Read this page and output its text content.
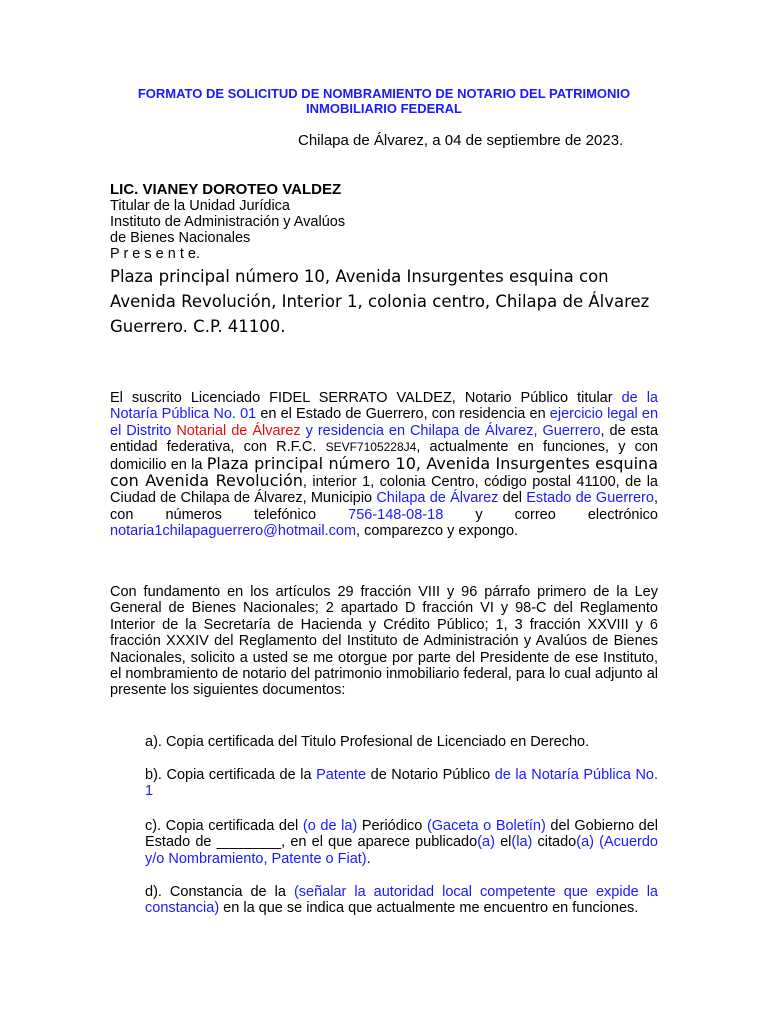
FORMATO DE SOLICITUD DE NOMBRAMIENTO DE NOTARIO DEL PATRIMONIO
INMOBILIARIO FEDERAL
Chilapa de Álvarez, a 04 de septiembre de 2023.
LIC. VIANEY DOROTEO VALDEZ
Titular de la Unidad Jurídica
Instituto de Administración y Avalúos
de Bienes Nacionales
P r e s e n t e.
Plaza principal número 10, Avenida Insurgentes esquina con
Avenida Revolución, Interior 1, colonia centro, Chilapa de Álvarez
Guerrero. C.P. 41100.
El suscrito Licenciado FIDEL SERRATO VALDEZ, Notario Público titular de la Notaría Pública No. 01 en el Estado de Guerrero, con residencia en ejercicio legal en el Distrito Notarial de Álvarez y residencia en Chilapa de Álvarez, Guerrero, de esta entidad federativa, con R.F.C. SEVF7105228J4, actualmente en funciones, y con domicilio en la Plaza principal número 10, Avenida Insurgentes esquina con Avenida Revolución, interior 1, colonia Centro, código postal 41100, de la Ciudad de Chilapa de Álvarez, Municipio Chilapa de Álvarez del Estado de Guerrero, con números telefónico 756-148-08-18 y correo electrónico notaria1chilapaguerrero@hotmail.com, comparezco y expongo.
Con fundamento en los artículos 29 fracción VIII y 96 párrafo primero de la Ley General de Bienes Nacionales; 2 apartado D fracción VI y 98-C del Reglamento Interior de la Secretaría de Hacienda y Crédito Público; 1, 3 fracción XXVIII y 6 fracción XXXIV del Reglamento del Instituto de Administración y Avalúos de Bienes Nacionales, solicito a usted se me otorgue por parte del Presidente de ese Instituto, el nombramiento de notario del patrimonio inmobiliario federal, para lo cual adjunto al presente los siguientes documentos:
a). Copia certificada del Titulo Profesional de Licenciado en Derecho.
b). Copia certificada de la Patente de Notario Público de la Notaría Pública No. 1
c). Copia certificada del (o de la) Periódico (Gaceta o Boletín) del Gobierno del Estado de ________, en el que aparece publicado(a) el(la) citado(a) (Acuerdo y/o Nombramiento, Patente o Fiat).
d). Constancia de la (señalar la autoridad local competente que expide la constancia) en la que se indica que actualmente me encuentro en funciones.
